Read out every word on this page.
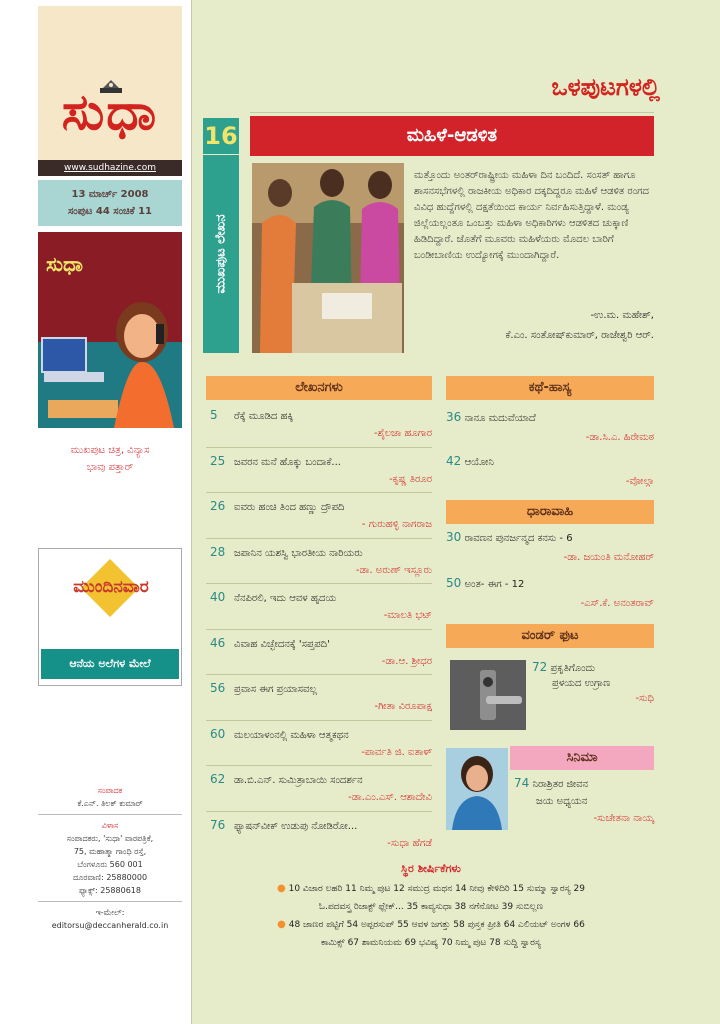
ಸುಧಾ
www.sudhazine.com
13 ಮಾರ್ಚ್ 2008
ಸಂಪುಟ 44 ಸಂಚಿಕೆ 11
ಸುಧಾ
ಮುಖಪುಟ ಚಿತ್ರ, ವಿನ್ಯಾಸ
ಭಾವು ಪತ್ತಾರ್
ಮುಂದಿನವಾರ
ಆನೆಯ ಅಲೆಗಳ ಮೇಲೆ
ಸಂಪಾದಕ
ಕೆ.ಎನ್. ತಿಲಕ್ ಕುಮಾರ್
ವಿಳಾಸ
ಸಂಪಾದಕರು, 'ಸುಧಾ' ವಾರಪತ್ರಿಕೆ,
75, ಮಹಾತ್ಮಾ ಗಾಂಧಿ ರಸ್ತೆ,
ಬೆಂಗಳೂರು 560 001
ದೂರವಾಣಿ: 25880000
ಫ್ಯಾಕ್ಸ್: 25880618
ಇ-ಮೇಲ್:
editorsu@deccanherald.co.in
ಒಳಪುಟಗಳಲ್ಲಿ
16
ಮುಖಪುಟ ಲೇಖನ
ಮಹಿಳೆ-ಆಡಳಿತ
ಮತ್ತೊಂದು ಅಂತರ್‌ರಾಷ್ಟ್ರೀಯ ಮಹಿಳಾ ದಿನ ಬಂದಿದೆ. ಸಂಸತ್ ಹಾಗೂ ಶಾಸನಸಭೆಗಳಲ್ಲಿ ರಾಜಕೀಯ ಅಧಿಕಾರ ದಕ್ಕದಿದ್ದರೂ ಮಹಿಳೆ ಆಡಳಿತ ರಂಗದ ವಿವಿಧ ಹುದ್ದೆಗಳಲ್ಲಿ ದಕ್ಷತೆಯಿಂದ ಕಾರ್ಯ ನಿರ್ವಹಿಸುತ್ತಿದ್ದಾಳೆ. ಮಂಡ್ಯ ಜಿಲ್ಲೆಯಲ್ಲಂತೂ ಒಂಬತ್ತು ಮಹಿಳಾ ಅಧಿಕಾರಿಗಳು ಆಡಳಿತದ ಚುಕ್ಕಾಣಿ ಹಿಡಿದಿದ್ದಾರೆ. ಜೊತೆಗೆ ಮೂವರು ಮಹಿಳೆಯರು ಮೊದಲ ಬಾರಿಗೆ ಬಂಡೀಬಾಣಿಯ ಉದ್ಯೋಗಕ್ಕೆ ಮುಂದಾಗಿದ್ದಾರೆ.
-ಉ.ಮ. ಮಹೇಶ್,
ಕೆ.ಎಂ. ಸಂತೋಷ್‌ಕುಮಾರ್, ರಾಜೇಶ್ವರಿ ಆರ್.
ಲೇಖನಗಳು
5 ರೆಕ್ಕೆ ಮೂಡಿದ ಹಕ್ಕಿ
-ಶೈಲಜಾ ಹೂಗಾರ
25 ಜವರನ ಮನೆ ಹೊಕ್ಕು ಬಂದಾಕೆ...
-ಕೃಷ್ಣ ತಿರೂರ
26 ಐವರು ಹಂಚಿ ತಿಂದ ಹಣ್ಣು ದ್ರೌಪದಿ
- ಗುರುಹಳ್ಳಿ ನಾಗರಾಜ
28 ಜಪಾನಿನ ಯಶಸ್ವಿ ಭಾರತೀಯ ನಾರಿಯರು
-ಡಾ. ಅರುಣ್ ಇಸ್ಲೂರು
40 ನೆನಪಿರಲಿ, ಇದು ಆವಳ ಹೃದಯ
-ಮಾಲತಿ ಭಟ್
46 ವಿವಾಹ ವಿಚ್ಛೇದನಕ್ಕೆ 'ಸಪ್ತಪದಿ'
-ಡಾ.ಆ. ಶ್ರೀಧರ
56 ಪ್ರವಾಸ ಈಗ ಪ್ರಯಾಸವಲ್ಲ
-ಗೀತಾ ವಿರೂಪಾಕ್ಷ
60 ಮಲಯಾಳಂನಲ್ಲಿ ಮಹಿಳಾ ಆತ್ಮಕಥನ
-ಪಾರ್ವತಿ ಜಿ. ಐತಾಳ್
62 ಡಾ.ಬಿ.ಎನ್. ಸುಮಿತ್ರಾಬಾಯಿ ಸಂದರ್ಶನ
-ಡಾ.ಎಂ.ಎಸ್. ಆಶಾದೇವಿ
76 ಫ್ಯಾಷನ್‌ವೀಕ್ ಉಡುಪು ನೋಡಿರೋ...
-ಸುಧಾ ಹೆಗಡೆ
ಕಥೆ-ಹಾಸ್ಯ
36 ನಾನೂ ಮದುವೆಯಾದೆ
-ಡಾ.ಸಿ.ಎ. ಹಿರೇಮಠ
42 ಆಯೋನಿ
-ವೋಲ್ಗಾ
ಧಾರಾವಾಹಿ
30 ರಾವಣನ ಪುನರ್ಜನ್ಮದ ಕನಸು - 6
-ಡಾ. ಜಯಂತಿ ಮನೋಹರ್
50 ಅಂತ- ಈಗ - 12
-ಎಸ್.ಕೆ. ಅನಂತರಾವ್
ವಂಡರ್ ಫುಟ
72 ಪ್ರಕೃತಿಗೊಂದು
ಪ್ರಳಯದ ಉಗ್ರಾಣ
-ಸುಧಿ
ಸಿನಿಮಾ
74 ನಿರಾಶ್ರಿತರ ಜೀವನ
ಜಯ ಅಧ್ಯಯನ
-ಸುಚೇತನಾ ನಾಯ್ಕ
ಸ್ಥಿರ ಶೀರ್ಷಿಕೆಗಳು
● 10 ವಿಜಾರ ಲಹರಿ 11 ನಿಮ್ಮ ಪುಟ 12 ಸಮುದ್ರ ಮಥನ 14 ನೀವು ಕೇಳಿದಿರಿ 15 ಸುಮ್ಮಾ ಸ್ವಾರಸ್ಯ 29
ಓ.ಪದವಸ್ತ್ರ ರಿಜಾಕ್ಟ್ ಫ್ಲೇಕ್... 35 ಕಾವ್ಯಸುಧಾ 38 ನಗೆನೋಟ 39 ಸುಬಿಲ್ಲಣ
● 48 ಜಾಣರ ಪಟ್ಟಿಗೆ 54 ಅಪ್ಪರಸುಪ್ 55 ಆವಳ ಜಗತ್ತು 58 ಪುಸ್ತಕ ಪ್ರೀತಿ 64 ಎಲಿಯಟ್ ಅಂಗಳ 66
ಕಾಮಿಕ್ಸ್ 67 ಶಾಮನಿಯಮ 69 ಭವಿಷ್ಯ 70 ನಿಮ್ಮ ಪುಟ 78 ಸುದ್ದಿ ಸ್ವಾರಸ್ಯ
